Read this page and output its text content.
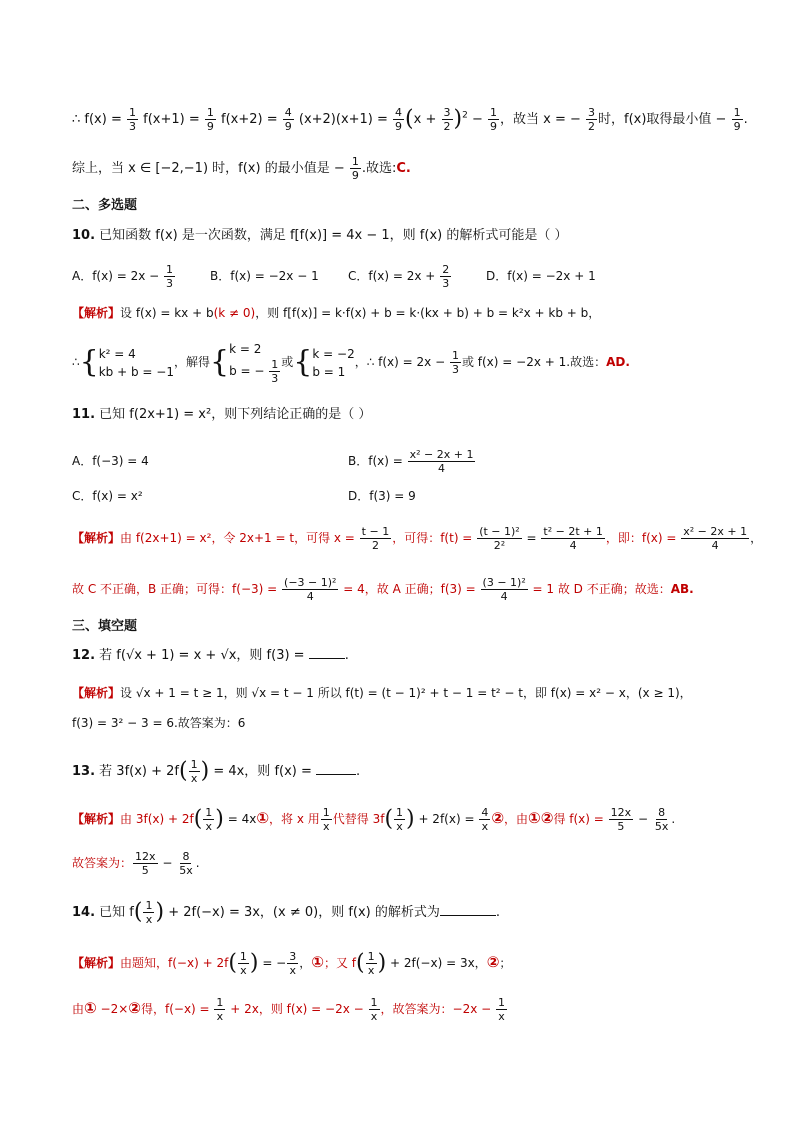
∴ $f(x) = \frac{1}{3} f(x+1) = \frac{1}{9} f(x+2) = \frac{4}{9} (x+2)(x+1) = \frac{4}{9} (x + \frac{3}{2} )^2 - \frac{1}{9}$ ，故当 x = − $\frac{3}{2}$ 时，f(x)取得最小值 − $\frac{1}{9}$ .
综上，当 x ∈ [−2,−1) 时，f(x) 的最小值是 − $\frac{1}{9}$ .故选:C.
二、多选题
10. 已知函数 f(x) 是一次函数，满足 f[f(x)] = 4x − 1，则 f(x) 的解析式可能是（ ）
A．$f(x) = 2x - \frac{1}{3}$	B．f(x) = −2x − 1 C．$f(x) = 2x + \frac{2}{3}$	D．f(x) = −2x + 1
【解析】设 f(x) = kx + b(k ≠ 0)，则 f[f(x)] = k·f(x) + b = k·(kx + b) + b = k²x + kb + b，
∴{ k² = 4
kb + b = −1
，解得{ k = 2
b = − $\frac{1}{3}$ 或{ k = −2
b = 1
，∴ $f(x) = 2x - \frac{1}{3}$ 或 f(x) = −2x + 1.故选：AD.
11. 已知 f(2x+1) = x²，则下列结论正确的是（ ）
A．f(−3) = 4	B．$f(x) = \frac{\text{x² − 2x + 1}}{4}$
C．f(x) = x²	D．f(3) = 9
【解析】由 f(2x+1) = x²，令 2x+1 = t，可得 $x = \frac{t - 1}{2}$ ，可得：$f(t) = \frac{\text{(t − 1)²}}{\text{2²}} = \frac{\text{t² − 2t + 1}}{4}$ ，即：$f(x) = \frac{\text{x² − 2x + 1}}{4}$ ，
故 C 不正确，B 正确；可得：$f(-3) = \frac{\text{(−3 − 1)²}}{4} = 4$，故 A 正确；$f(3) = \frac{\text{(3 − 1)²}}{4} = 1$ 故 D 不正确；故选：AB.
三、填空题
12. 若 f(√x + 1) = x + √x，则 f(3) =	.
【解析】设 √x + 1 = t ≥ 1，则 √x = t − 1 所以 f(t) = (t − 1)² + t − 1 = t² − t，即 f(x) = x² − x，(x ≥ 1)，
f(3) = 3² − 3 = 6.故答案为：6
13. 若 $3f(x) + 2f( \frac{1}{x}$ ) = 4x，则 f(x) =	.
【解析】由 $3f(x) + 2f( \frac{1}{x}$ ) = 4x①，将 x 用 $\frac{1}{x}$ 代替得 $3f( \frac{1}{x}$ ) + $2f(x) = \frac{4}{x}$ ②，由①②得 $f(x) = \frac{12x}{5} - \frac{8}{5x}$ .
故答案为： $\frac{12x}{5} - \frac{8}{5x}$ .
14. 已知 $f( \frac{1}{x}$ ) + 2f(−x) = 3x，(x ≠ 0)，则 f(x) 的解析式为	.
【解析】由题知，$f(-x) + 2f( \frac{1}{x}$ ) = − $\frac{3}{x}$ ，①；又 $f( \frac{1}{x}$ ) + 2f(−x) = 3x，②；
由① −2×②得，$f(-x) = \frac{1}{x} + 2x$，则 $f(x) = -2x - \frac{1}{x}$ ，故答案为：$-2x - \frac{1}{x}$
